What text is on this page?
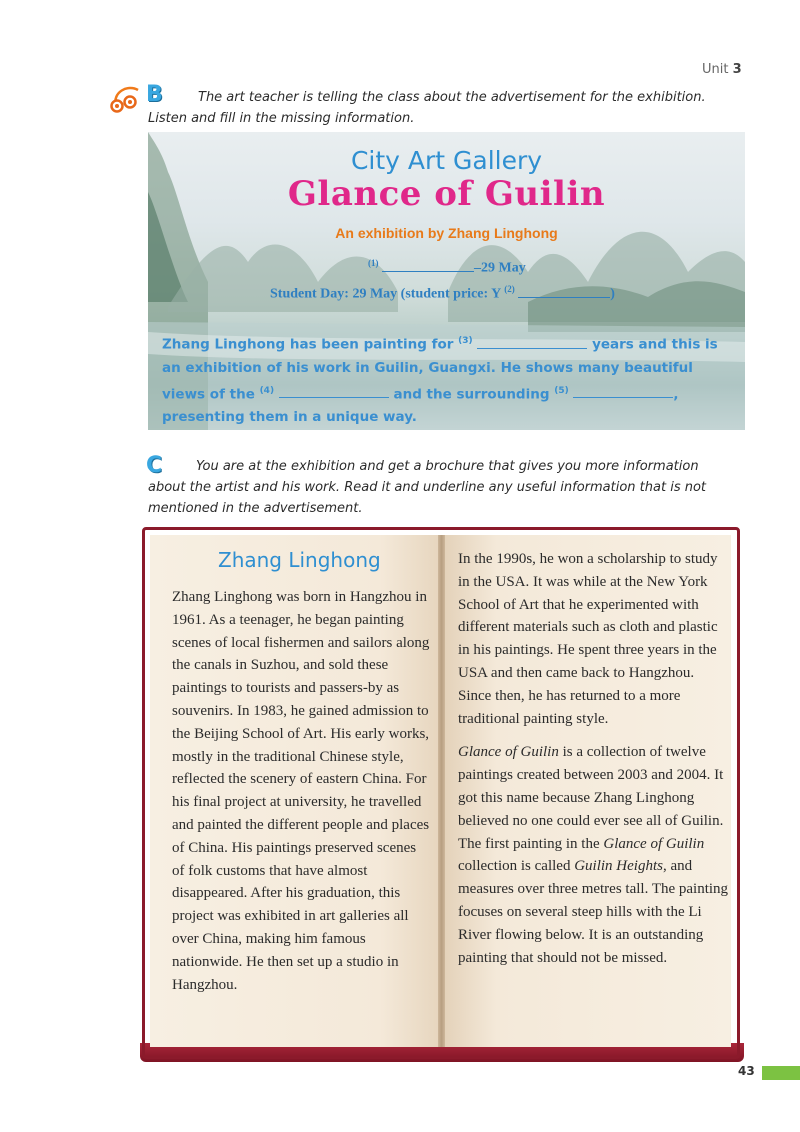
Unit 3
B	The art teacher is telling the class about the advertisement for the exhibition. Listen and fill in the missing information.
City Art Gallery
Glance of Guilin
An exhibition by Zhang Linghong
$^{(1)}$	–29 May
Student Day: 29 May (student price: Y $^{(2)}$	)
Zhang Linghong has been painting for $^{(3)}$	years and this is an exhibition of his work in Guilin, Guangxi. He shows many beautiful views of the $^{(4)}$	and the surrounding $^{(5)}$	, presenting them in a unique way.
C	You are at the exhibition and get a brochure that gives you more information about the artist and his work. Read it and underline any useful information that is not mentioned in the advertisement.
Zhang Linghong

Zhang Linghong was born in Hangzhou in 1961. As a teenager, he began painting scenes of local fishermen and sailors along the canals in Suzhou, and sold these paintings to tourists and passers-by as souvenirs. In 1983, he gained admission to the Beijing School of Art. His early works, mostly in the traditional Chinese style, reflected the scenery of eastern China. For his final project at university, he travelled and painted the different people and places of China. His paintings preserved scenes of folk customs that have almost disappeared. After his graduation, this project was exhibited in art galleries all over China, making him famous nationwide. He then set up a studio in Hangzhou.

In the 1990s, he won a scholarship to study in the USA. It was while at the New York School of Art that he experimented with different materials such as cloth and plastic in his paintings. He spent three years in the USA and then came back to Hangzhou. Since then, he has returned to a more traditional painting style.

Glance of Guilin is a collection of twelve paintings created between 2003 and 2004. It got this name because Zhang Linghong believed no one could ever see all of Guilin. The first painting in the Glance of Guilin collection is called Guilin Heights, and measures over three metres tall. The painting focuses on several steep hills with the Li River flowing below. It is an outstanding painting that should not be missed.

43
